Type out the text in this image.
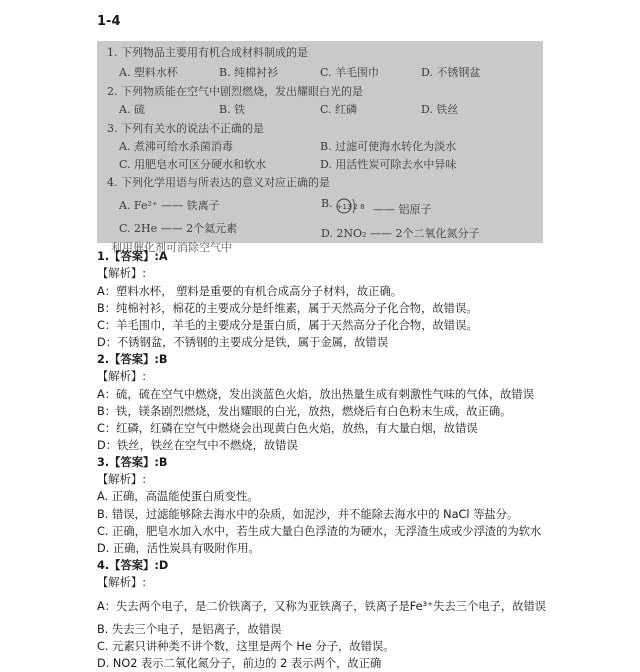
1-4
1. 下列物品主要用有机合成材料制成的是
A. 塑料水杯	B. 纯棉衬衫	C. 羊毛围巾	D. 不锈钢盆
2. 下列物质能在空气中剧烈燃烧，发出耀眼白光的是
A. 硫	B. 铁	C. 红磷	D. 铁丝
3. 下列有关水的说法不正确的是
A. 煮沸可给水杀菌消毒	B. 过滤可使海水转化为淡水
C. 用肥皂水可区分硬水和软水	D. 用活性炭可除去水中异味
4. 下列化学用语与所表达的意义对应正确的是
A. Fe²⁺ —— 铁离子	B. +13 2 8 —— 铝原子
C. 2He —— 2个氦元素	D. 2NO₂ —— 2个二氧化氮分子
利用催化剂可消除空气中
1.【答案】:A
【解析】:
A：塑料水杯， 塑料是重要的有机合成高分子材料，故正确。
B：纯棉衬衫，棉花的主要成分是纤维素，属于天然高分子化合物，故错误。
C：羊毛围巾，羊毛的主要成分是蛋白质，属于天然高分子化合物，故错误。
D：不锈钢盆，不锈钢的主要成分是铁，属于金属，故错误
2.【答案】:B
【解析】:
A：硫，硫在空气中燃烧，发出淡蓝色火焰，放出热量生成有刺激性气味的气体，故错误
B：铁，镁条剧烈燃烧，发出耀眼的白光，放热，燃烧后有白色粉末生成，故正确。
C：红磷，红磷在空气中燃烧会出现黄白色火焰，放热，有大量白烟，故错误
D：铁丝，铁丝在空气中不燃烧，故错误
3.【答案】:B
【解析】:
A. 正确，高温能使蛋白质变性。
B. 错误，过滤能够除去海水中的杂质，如泥沙，并不能除去海水中的 NaCl 等盐分。
C. 正确，肥皂水加入水中，若生成大量白色浮渣的为硬水，无浮渣生成或少浮渣的为软水
D. 正确，活性炭具有吸附作用。
4.【答案】:D
【解析】:
A：失去两个电子，是二价铁离子，又称为亚铁离子，铁离子是Fe³⁺失去三个电子，故错误
B. 失去三个电子，是铝离子，故错误
C. 元素只讲种类不讲个数，这里是两个 He 分子，故错误。
D. NO2 表示二氧化氮分子，前边的 2 表示两个，故正确
